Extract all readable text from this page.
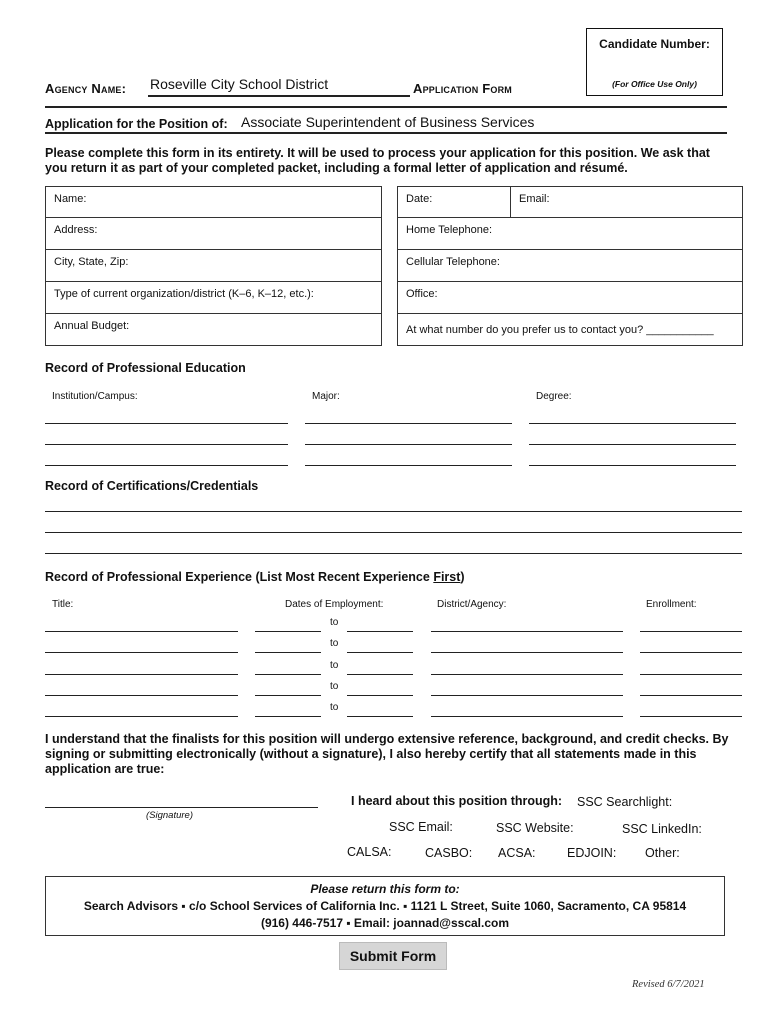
Candidate Number:
(For Office Use Only)
Agency Name: Roseville City School District	Application Form
Application for the Position of: Associate Superintendent of Business Services
Please complete this form in its entirety. It will be used to process your application for this position. We ask that you return it as part of your completed packet, including a formal letter of application and résumé.
Name:	Date:	Email:
Address:	Home Telephone:
City, State, Zip:	Cellular Telephone:
Type of current organization/district (K–6, K–12, etc.):	Office:
Annual Budget:	At what number do you prefer us to contact you? ___________
Record of Professional Education
Institution/Campus:	Major:	Degree:
Record of Certifications/Credentials
Record of Professional Experience (List Most Recent Experience First)
Title:	Dates of Employment:	District/Agency:	Enrollment:
to
to
to
to
to
I understand that the finalists for this position will undergo extensive reference, background, and credit checks. By signing or submitting electronically (without a signature), I also hereby certify that all statements made in this application are true:
(Signature)
I heard about this position through: SSC Searchlight:
SSC Email:	SSC Website:	SSC LinkedIn:
CALSA:	CASBO: ACSA:	EDJOIN: Other:
Please return this form to:
Search Advisors ▪ c/o School Services of California Inc. ▪ 1121 L Street, Suite 1060, Sacramento, CA 95814
(916) 446-7517 ▪ Email: joannad@sscal.com
Submit Form
Revised 6/7/2021
